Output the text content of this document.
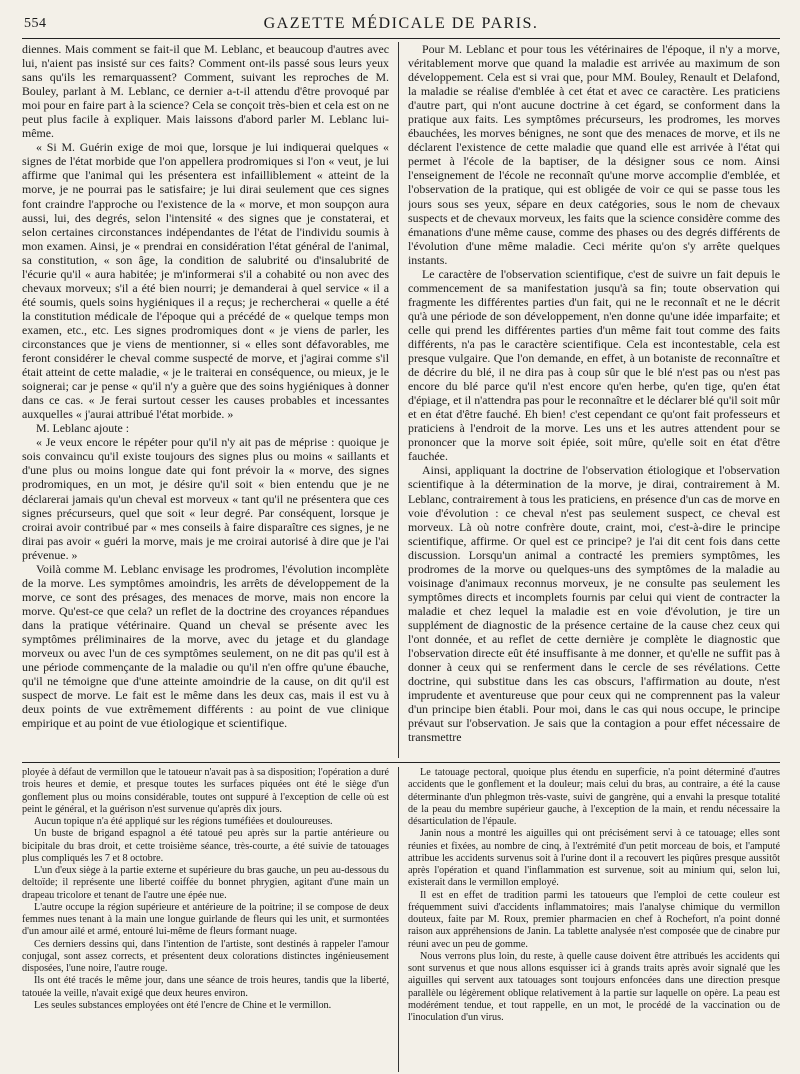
554	GAZETTE MÉDICALE DE PARIS.

diennes. Mais comment se fait-il que M. Leblanc, et beaucoup d'autres avec lui, n'aient pas insisté sur ces faits? Comment ont-ils passé sous leurs yeux sans qu'ils les remarquassent? Comment, suivant les reproches de M. Bouley, parlant à M. Leblanc, ce dernier a-t-il attendu d'être provoqué par moi pour en faire part à la science? Cela se conçoit très-bien et cela est on ne peut plus facile à expliquer. Mais laissons d'abord parler M. Leblanc lui-même.

« Si M. Guérin exige de moi que, lorsque je lui indiquerai quelques « signes de l'état morbide que l'on appellera prodromiques si l'on « veut, je lui affirme que l'animal qui les présentera est infailliblement « atteint de la morve, je ne pourrai pas le satisfaire; je lui dirai seulement que ces signes font craindre l'approche ou l'existence de la « morve, et mon soupçon aura aussi, lui, des degrés, selon l'intensité « des signes que je constaterai, et selon certaines circonstances indépendantes de l'état de l'individu soumis à mon examen. Ainsi, je « prendrai en considération l'état général de l'animal, sa constitution, « son âge, la condition de salubrité ou d'insalubrité de l'écurie qu'il « aura habitée; je m'informerai s'il a cohabité ou non avec des chevaux morveux; s'il a été bien nourri; je demanderai à quel service « il a été soumis, quels soins hygiéniques il a reçus; je rechercherai « quelle a été la constitution médicale de l'époque qui a précédé de « quelque temps mon examen, etc., etc. Les signes prodromiques dont « je viens de parler, les circonstances que je viens de mentionner, si « elles sont défavorables, me feront considérer le cheval comme suspecté de morve, et j'agirai comme s'il était atteint de cette maladie, « je le traiterai en conséquence, ou mieux, je le soignerai; car je pense « qu'il n'y a guère que des soins hygiéniques à donner dans ce cas. « Je ferai surtout cesser les causes probables et incessantes auxquelles « j'aurai attribué l'état morbide. »

M. Leblanc ajoute :

« Je veux encore le répéter pour qu'il n'y ait pas de méprise : quoique je sois convaincu qu'il existe toujours des signes plus ou moins « saillants et d'une plus ou moins longue date qui font prévoir la « morve, des signes prodromiques, en un mot, je désire qu'il soit « bien entendu que je ne déclarerai jamais qu'un cheval est morveux « tant qu'il ne présentera que ces signes précurseurs, quel que soit « leur degré. Par conséquent, lorsque je croirai avoir contribué par « mes conseils à faire disparaître ces signes, je ne dirai pas avoir « guéri la morve, mais je me croirai autorisé à dire que je l'ai prévenue. »

Voilà comme M. Leblanc envisage les prodromes, l'évolution incomplète de la morve. Les symptômes amoindris, les arrêts de développement de la morve, ce sont des présages, des menaces de morve, mais non encore la morve. Qu'est-ce que cela? un reflet de la doctrine des croyances répandues dans la pratique vétérinaire. Quand un cheval se présente avec les symptômes préliminaires de la morve, avec du jetage et du glandage morveux ou avec l'un de ces symptômes seulement, on ne dit pas qu'il est à une période commençante de la maladie ou qu'il n'en offre qu'une ébauche, qu'il ne témoigne que d'une atteinte amoindrie de la cause, on dit qu'il est suspect de morve. Le fait est le même dans les deux cas, mais il est vu à deux points de vue extrêmement différents : au point de vue clinique empirique et au point de vue étiologique et scientifique.

Pour M. Leblanc et pour tous les vétérinaires de l'époque, il n'y a morve, véritablement morve que quand la maladie est arrivée au maximum de son développement. Cela est si vrai que, pour MM. Bouley, Renault et Delafond, la maladie se réalise d'emblée à cet état et avec ce caractère. Les praticiens d'autre part, qui n'ont aucune doctrine à cet égard, se conforment dans la pratique aux faits. Les symptômes précurseurs, les prodromes, les morves ébauchées, les morves bénignes, ne sont que des menaces de morve, et ils ne déclarent l'existence de cette maladie que quand elle est arrivée à l'état qui permet à l'école de la baptiser, de la désigner sous ce nom. Ainsi l'enseignement de l'école ne reconnaît qu'une morve accomplie d'emblée, et l'observation de la pratique, qui est obligée de voir ce qui se passe tous les jours sous ses yeux, sépare en deux catégories, sous le nom de chevaux suspects et de chevaux morveux, les faits que la science considère comme des émanations d'une même cause, comme des phases ou des degrés différents de l'évolution d'une même maladie. Ceci mérite qu'on s'y arrête quelques instants.

Le caractère de l'observation scientifique, c'est de suivre un fait depuis le commencement de sa manifestation jusqu'à sa fin; toute observation qui fragmente les différentes parties d'un fait, qui ne le reconnaît et ne le décrit qu'à une période de son développement, n'en donne qu'une idée imparfaite; et celle qui prend les différentes parties d'un même fait tout comme des faits différents, n'a pas le caractère scientifique. Cela est incontestable, cela est presque vulgaire. Que l'on demande, en effet, à un botaniste de reconnaître et de décrire du blé, il ne dira pas à coup sûr que le blé n'est pas ou n'est pas encore du blé parce qu'il n'est encore qu'en herbe, qu'en tige, qu'en état d'épiage, et il n'attendra pas pour le reconnaître et le déclarer blé qu'il soit mûr et en état d'être fauché. Eh bien! c'est cependant ce qu'ont fait professeurs et praticiens à l'endroit de la morve. Les uns et les autres attendent pour se prononcer que la morve soit épiée, soit mûre, qu'elle soit en état d'être fauchée.

Ainsi, appliquant la doctrine de l'observation étiologique et l'observation scientifique à la détermination de la morve, je dirai, contrairement à M. Leblanc, contrairement à tous les praticiens, en présence d'un cas de morve en voie d'évolution : ce cheval n'est pas seulement suspect, ce cheval est morveux. Là où notre confrère doute, craint, moi, c'est-à-dire le principe scientifique, affirme. Or quel est ce principe? je l'ai dit cent fois dans cette discussion. Lorsqu'un animal a contracté les premiers symptômes, les prodromes de la morve ou quelques-uns des symptômes de la maladie au voisinage d'animaux reconnus morveux, je ne consulte pas seulement les symptômes directs et incomplets fournis par celui qui vient de contracter la maladie et chez lequel la maladie est en voie d'évolution, je tire un supplément de diagnostic de la présence certaine de la cause chez ceux qui l'ont donnée, et au reflet de cette dernière je complète le diagnostic que l'observation directe eût été insuffisante à me donner, et qu'elle ne suffit pas à donner à ceux qui se renferment dans le cercle de ses révélations. Cette doctrine, qui substitue dans les cas obscurs, l'affirmation au doute, n'est imprudente et aventureuse que pour ceux qui ne comprennent pas la valeur d'un principe bien établi. Pour moi, dans le cas qui nous occupe, le principe prévaut sur l'observation. Je sais que la contagion a pour effet nécessaire de transmettre

ployée à défaut de vermillon que le tatoueur n'avait pas à sa disposition; l'opération a duré trois heures et demie, et presque toutes les surfaces piquées ont été le siège d'un gonflement plus ou moins considérable, toutes ont suppuré à l'exception de celle où est peint le général, et la guérison n'est survenue qu'après dix jours.

Aucun topique n'a été appliqué sur les régions tuméfiées et douloureuses.

Un buste de brigand espagnol a été tatoué peu après sur la partie antérieure ou bicipitale du bras droit, et cette troisième séance, très-courte, a été suivie de tatouages plus compliqués les 7 et 8 octobre.

L'un d'eux siège à la partie externe et supérieure du bras gauche, un peu au-dessous du deltoïde; il représente une liberté coiffée du bonnet phrygien, agitant d'une main un drapeau tricolore et tenant de l'autre une épée nue.

L'autre occupe la région supérieure et antérieure de la poitrine; il se compose de deux femmes nues tenant à la main une longue guirlande de fleurs qui les unit, et surmontées d'un amour ailé et armé, entouré lui-même de fleurs formant nuage.

Ces derniers dessins qui, dans l'intention de l'artiste, sont destinés à rappeler l'amour conjugal, sont assez corrects, et présentent deux colorations distinctes ingénieusement disposées, l'une noire, l'autre rouge.

Ils ont été tracés le même jour, dans une séance de trois heures, tandis que la liberté, tatouée la veille, n'avait exigé que deux heures environ.

Les seules substances employées ont été l'encre de Chine et le vermillon.

Le tatouage pectoral, quoique plus étendu en superficie, n'a point déterminé d'autres accidents que le gonflement et la douleur; mais celui du bras, au contraire, a été la cause déterminante d'un phlegmon très-vaste, suivi de gangrène, qui a envahi la presque totalité de la peau du membre supérieur gauche, à l'exception de la main, et rendu nécessaire la désarticulation de l'épaule.

Janin nous a montré les aiguilles qui ont précisément servi à ce tatouage; elles sont réunies et fixées, au nombre de cinq, à l'extrémité d'un petit morceau de bois, et l'amputé attribue les accidents survenus soit à l'urine dont il a recouvert les piqûres presque aussitôt après l'opération et quand l'inflammation est survenue, soit au minium qui, selon lui, existerait dans le vermillon employé.

Il est en effet de tradition parmi les tatoueurs que l'emploi de cette couleur est fréquemment suivi d'accidents inflammatoires; mais l'analyse chimique du vermillon douteux, faite par M. Roux, premier pharmacien en chef à Rochefort, n'a point donné raison aux appréhensions de Janin. La tablette analysée n'est composée que de cinabre pur réuni avec un peu de gomme.

Nous verrons plus loin, du reste, à quelle cause doivent être attribués les accidents qui sont survenus et que nous allons esquisser ici à grands traits après avoir signalé que les aiguilles qui servent aux tatouages sont toujours enfoncées dans une direction presque parallèle ou légèrement oblique relativement à la partie sur laquelle on opère. La peau est modérément tendue, et tout rappelle, en un mot, le procédé de la vaccination ou de l'inoculation d'un virus.
